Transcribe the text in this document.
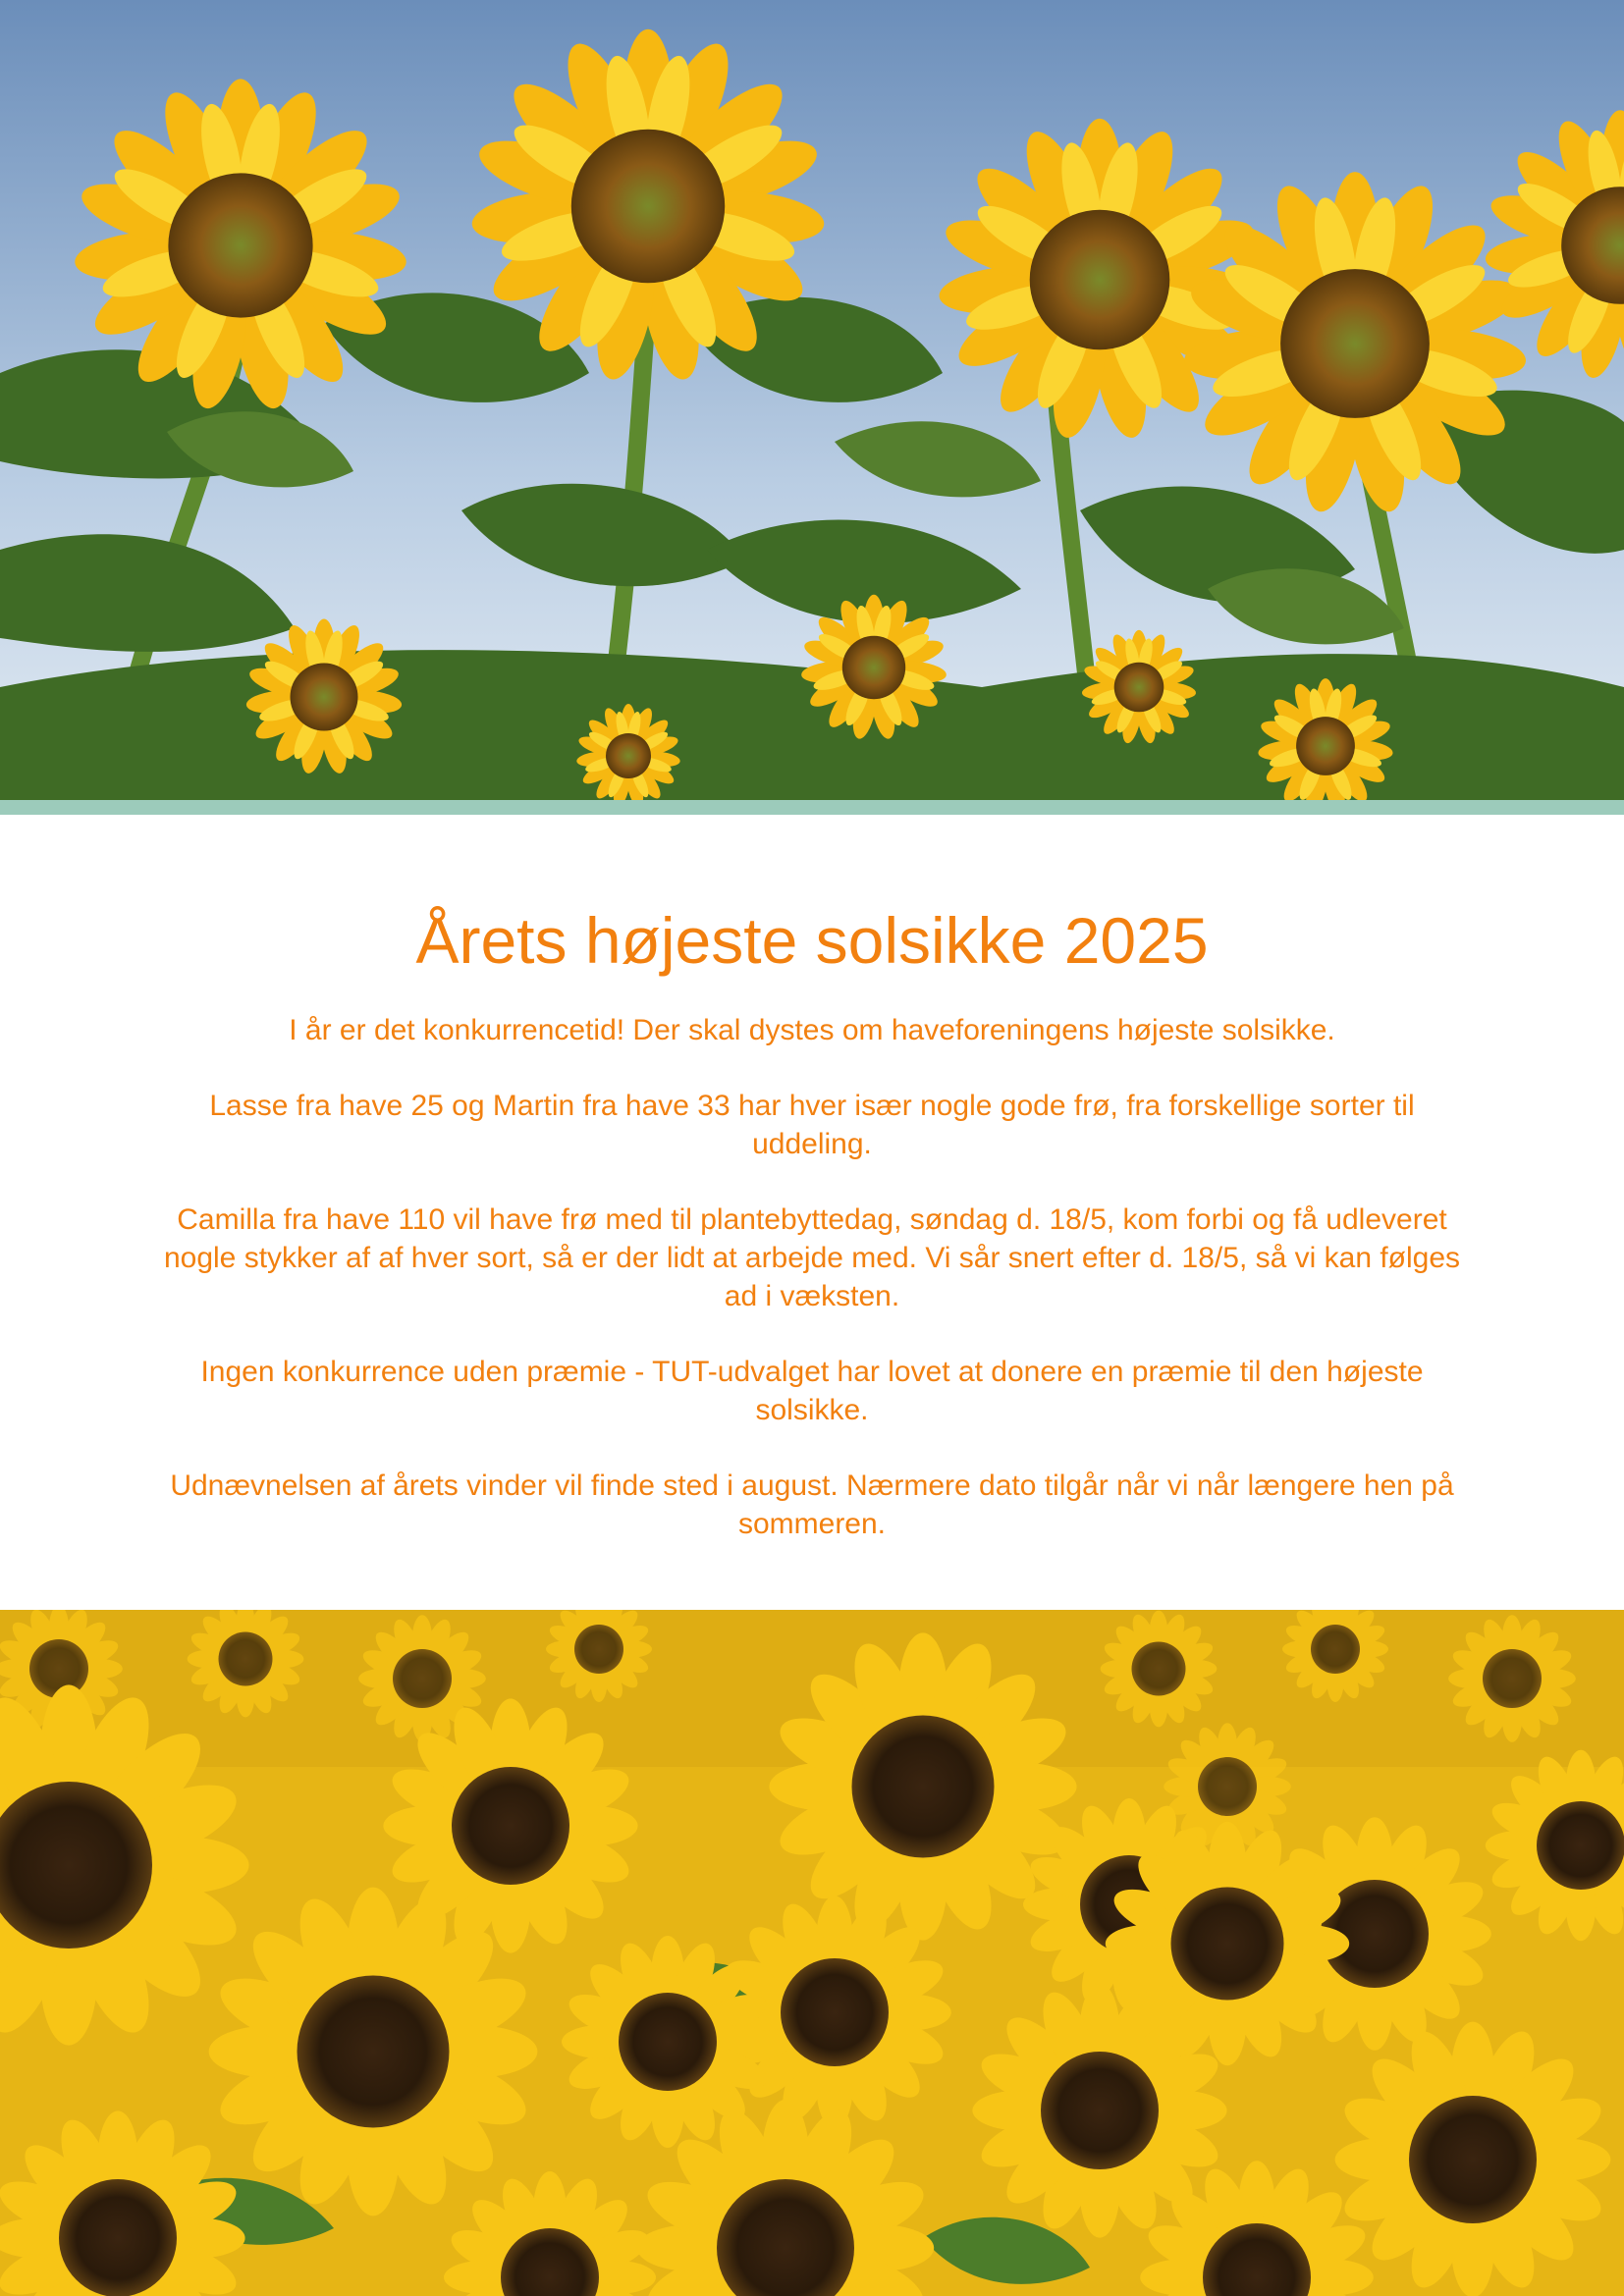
Årets højeste solsikke 2025

I år er det konkurrencetid! Der skal dystes om haveforeningens højeste solsikke.

Lasse fra have 25 og Martin fra have 33 har hver især nogle gode frø, fra forskellige sorter til uddeling.

Camilla fra have 110 vil have frø med til plantebyttedag, søndag d. 18/5, kom forbi og få udleveret nogle stykker af af hver sort, så er der lidt at arbejde med. Vi sår snert efter d. 18/5, så vi kan følges ad i væksten.

Ingen konkurrence uden præmie - TUT-udvalget har lovet at donere en præmie til den højeste solsikke.

Udnævnelsen af årets vinder vil finde sted i august. Nærmere dato tilgår når vi når længere hen på sommeren.
